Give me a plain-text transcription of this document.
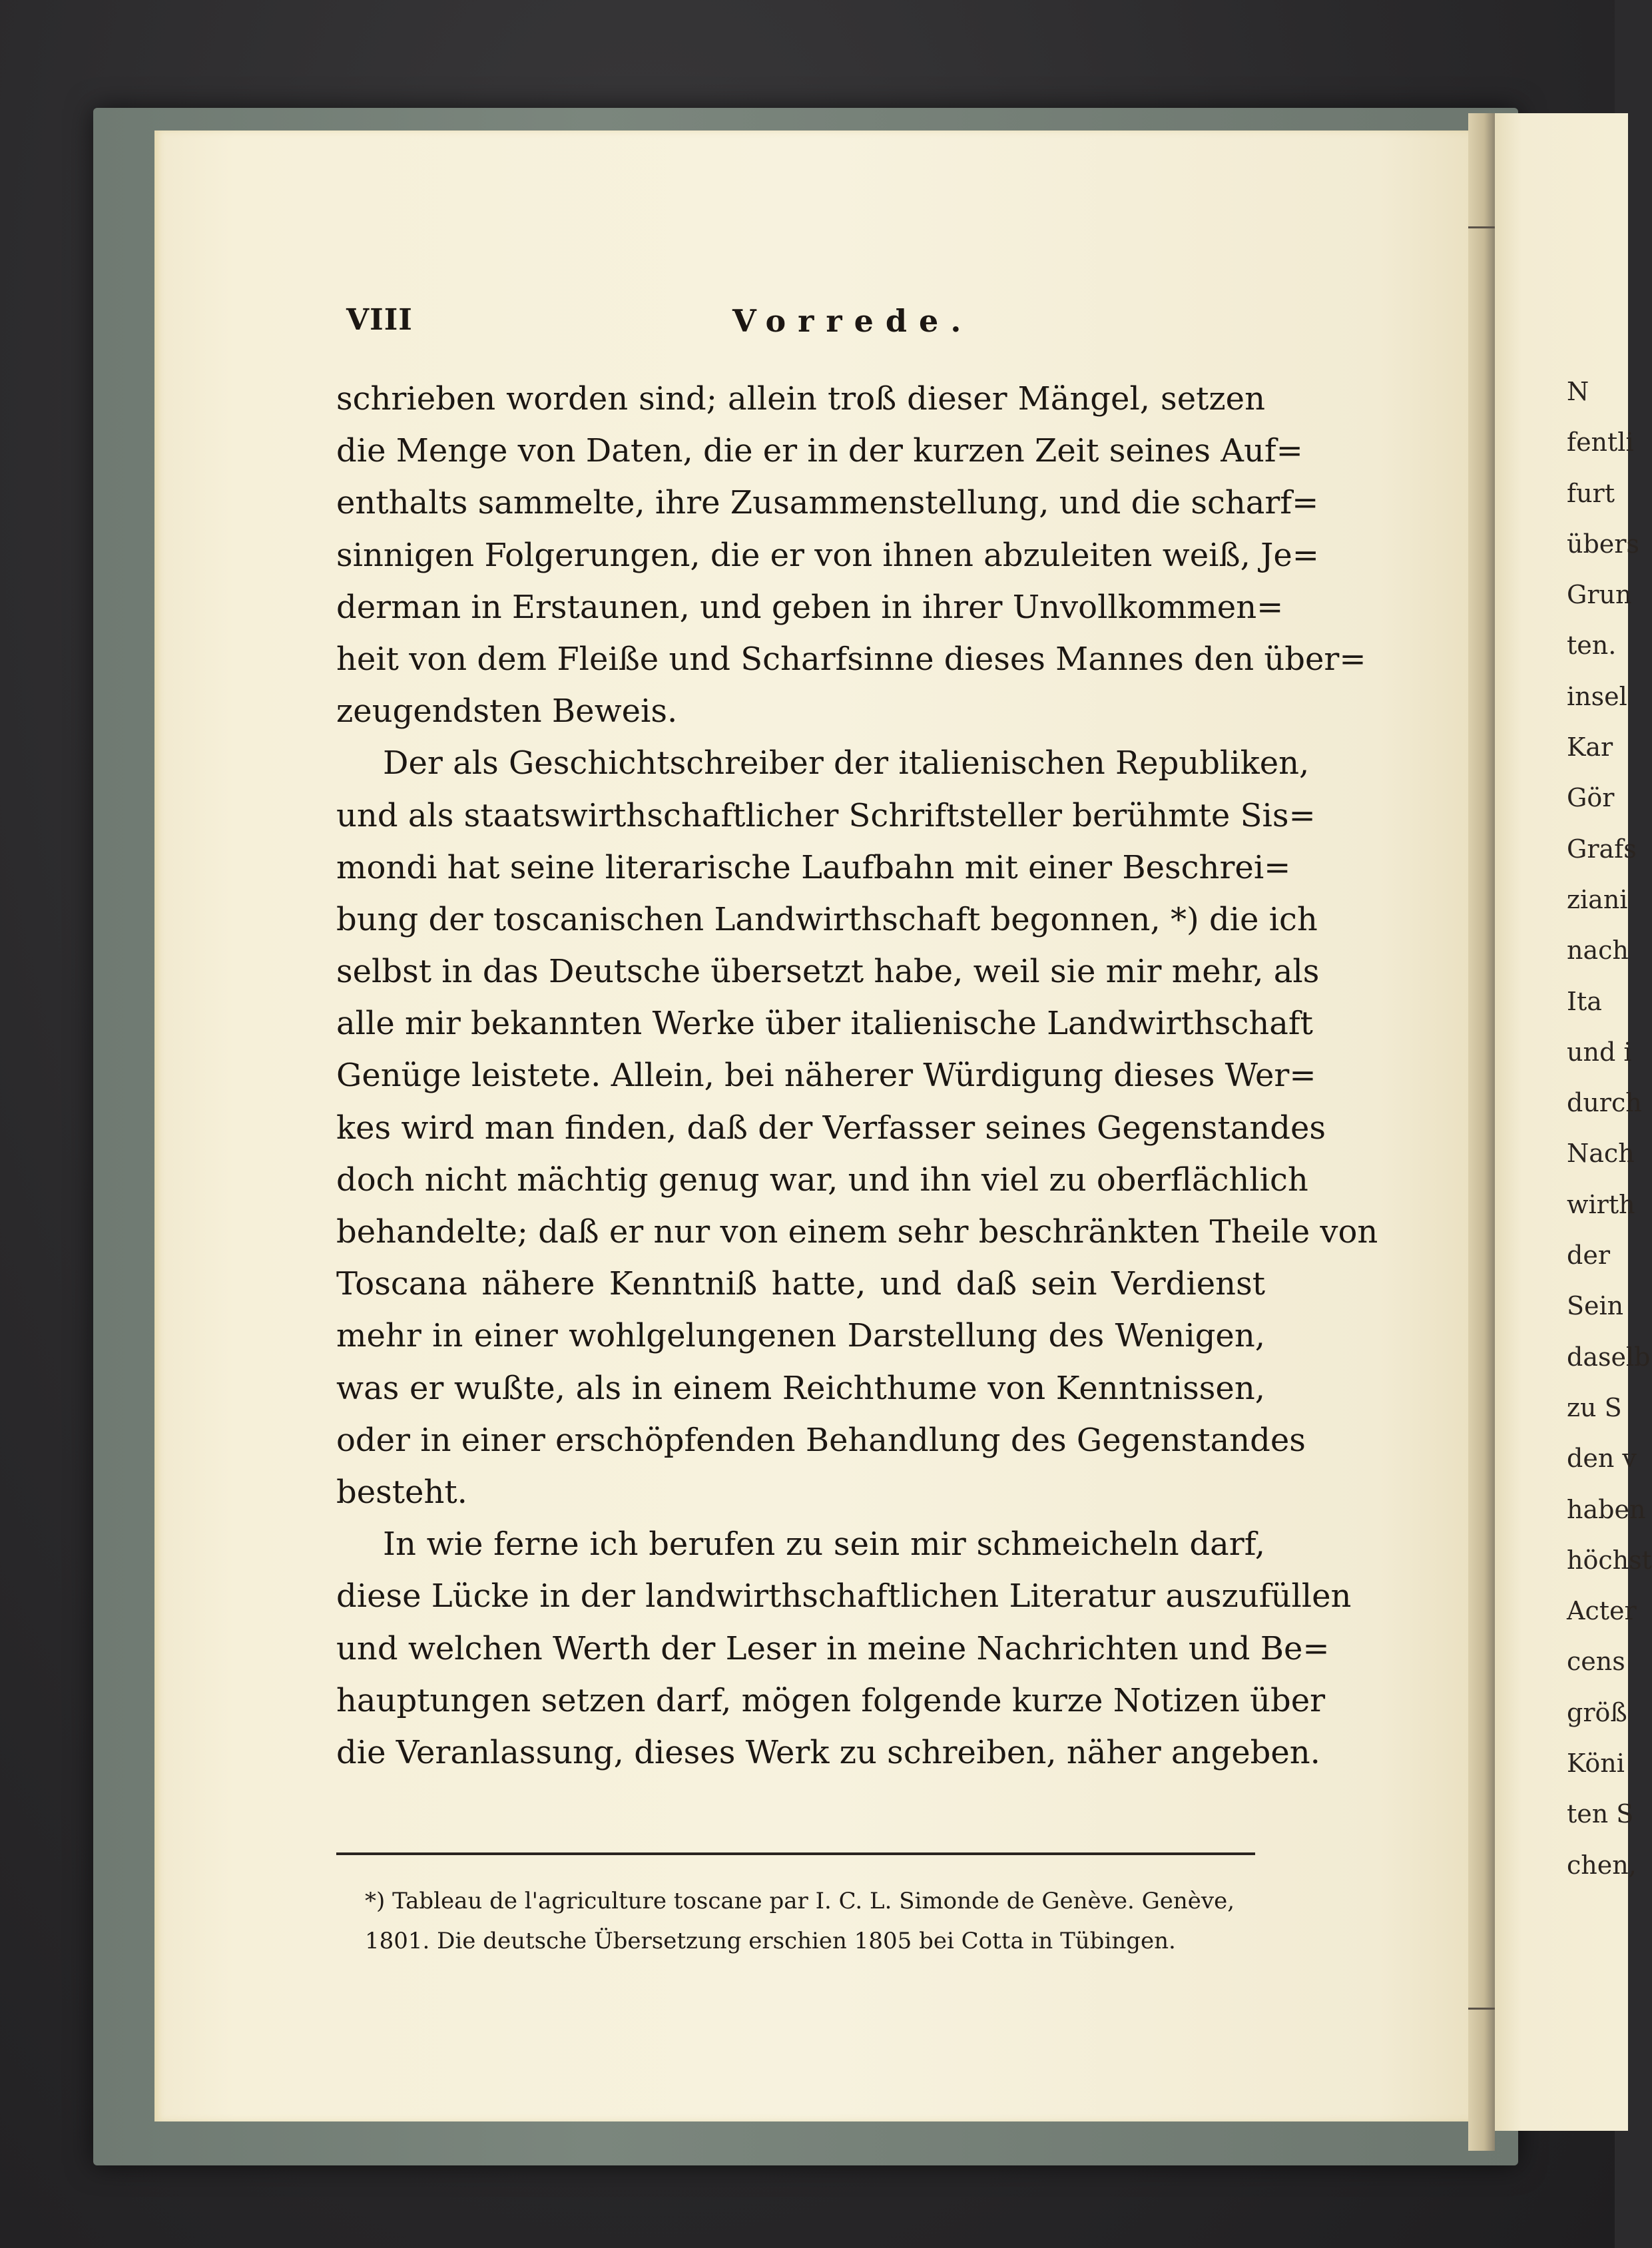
N
fentli
furt
übers
Grun
ten.
insel
Kar
Gör
Grafs
ziani
nach
Ita
und i
durch
Nach
wirth
der
Sein
daselb
zu S
den v
haben
höchst
Acter
cens
größ
Köni
ten S
chen,
VIII	Vorrede.
schrieben worden sind; allein troß dieser Mängel, setzen
die Menge von Daten, die er in der kurzen Zeit seines Auf=
enthalts sammelte, ihre Zusammenstellung, und die scharf=
sinnigen Folgerungen, die er von ihnen abzuleiten weiß, Je=
derman in Erstaunen, und geben in ihrer Unvollkommen=
heit von dem Fleiße und Scharfsinne dieses Mannes den über=
zeugendsten Beweis.
Der als Geschichtschreiber der italienischen Republiken,
und als staatswirthschaftlicher Schriftsteller berühmte Sis=
mondi hat seine literarische Laufbahn mit einer Beschrei=
bung der toscanischen Landwirthschaft begonnen, *) die ich
selbst in das Deutsche übersetzt habe, weil sie mir mehr, als
alle mir bekannten Werke über italienische Landwirthschaft
Genüge leistete. Allein, bei näherer Würdigung dieses Wer=
kes wird man finden, daß der Verfasser seines Gegenstandes
doch nicht mächtig genug war, und ihn viel zu oberflächlich
behandelte; daß er nur von einem sehr beschränkten Theile von
Toscana nähere Kenntniß hatte, und daß sein Verdienst
mehr in einer wohlgelungenen Darstellung des Wenigen,
was er wußte, als in einem Reichthume von Kenntnissen,
oder in einer erschöpfenden Behandlung des Gegenstandes
besteht.
In wie ferne ich berufen zu sein mir schmeicheln darf,
diese Lücke in der landwirthschaftlichen Literatur auszufüllen
und welchen Werth der Leser in meine Nachrichten und Be=
hauptungen setzen darf, mögen folgende kurze Notizen über
die Veranlassung, dieses Werk zu schreiben, näher angeben.
*) Tableau de l'agriculture toscane par I. C. L. Simonde de Genève. Genève,
1801. Die deutsche Übersetzung erschien 1805 bei Cotta in Tübingen.
